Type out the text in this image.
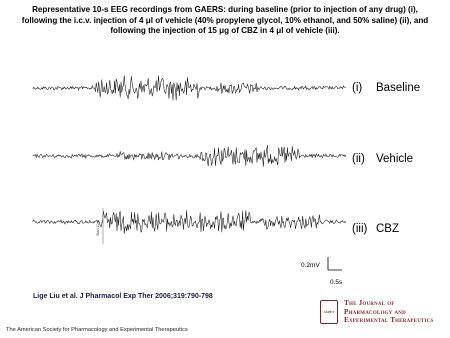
Representative 10-s EEG recordings from GAERS: during baseline (prior to injection of any drug) (i), following the i.c.v. injection of 4 μl of vehicle (40% propylene glycol, 10% ethanol, and 50% saline) (ii), and following the injection of 15 μg of CBZ in 4 μl of vehicle (iii).

(i) Baseline
(ii) Vehicle
(iii) CBZ
Start 10:0
0.2mV
0.5s
Lige Liu et al. J Pharmacol Exp Ther 2006;319:790-798
ASPET
The Journal of
Pharmacology and
Experimental Therapeutics
The American Society for Pharmacology and Experimental Therapeutics
